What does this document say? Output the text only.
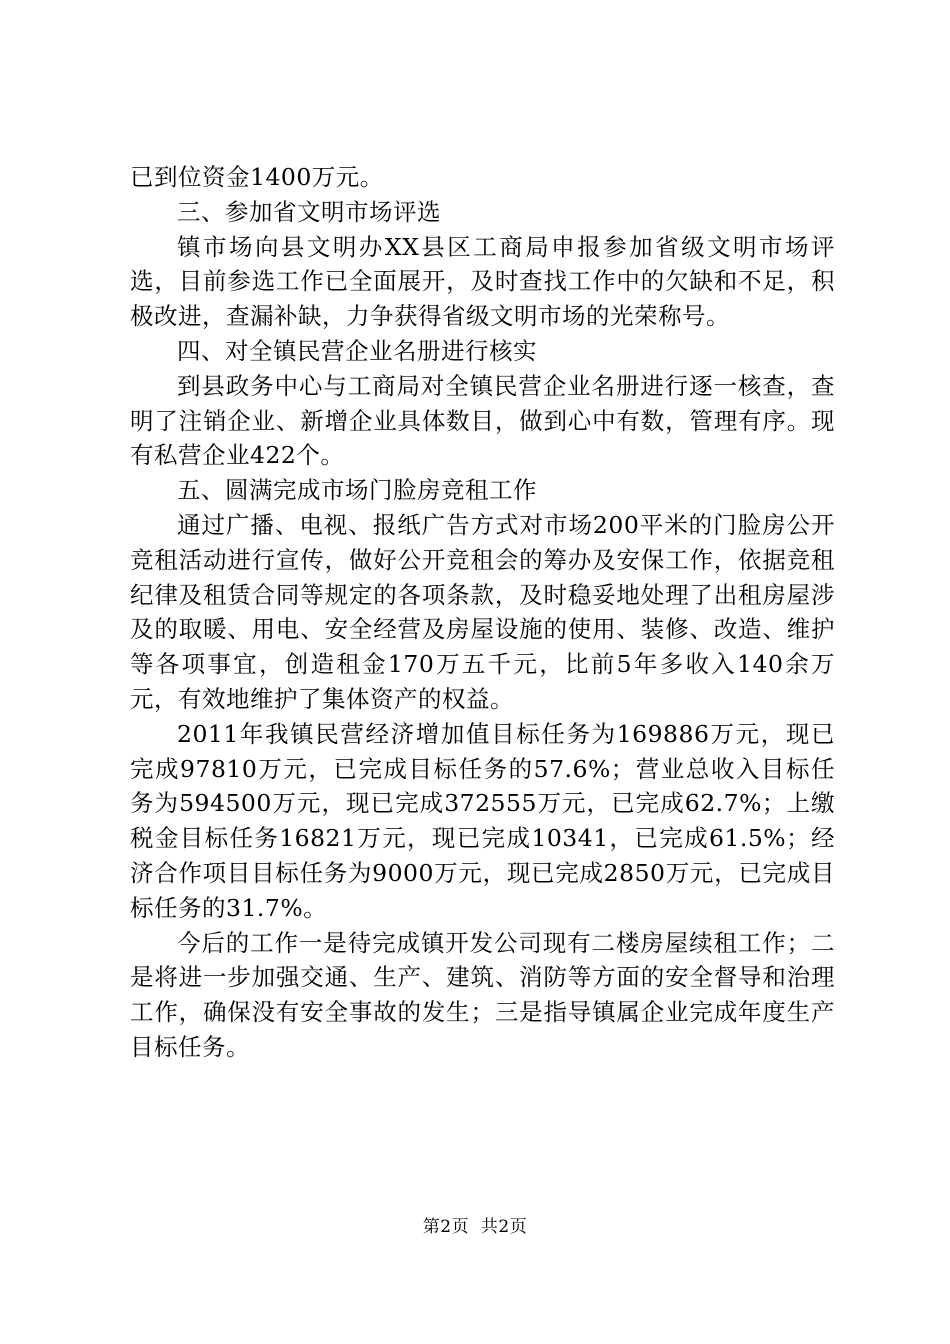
已到位资金1400万元。

三、参加省文明市场评选

镇市场向县文明办XX县区工商局申报参加省级文明市场评选，目前参选工作已全面展开，及时查找工作中的欠缺和不足，积极改进，查漏补缺，力争获得省级文明市场的光荣称号。

四、对全镇民营企业名册进行核实

到县政务中心与工商局对全镇民营企业名册进行逐一核查，查明了注销企业、新增企业具体数目，做到心中有数，管理有序。现有私营企业422个。

五、圆满完成市场门脸房竞租工作

通过广播、电视、报纸广告方式对市场200平米的门脸房公开竞租活动进行宣传，做好公开竞租会的筹办及安保工作，依据竞租纪律及租赁合同等规定的各项条款，及时稳妥地处理了出租房屋涉及的取暖、用电、安全经营及房屋设施的使用、装修、改造、维护等各项事宜，创造租金170万五千元，比前5年多收入140余万元，有效地维护了集体资产的权益。

2011年我镇民营经济增加值目标任务为169886万元，现已完成97810万元，已完成目标任务的57.6%；营业总收入目标任务为594500万元，现已完成372555万元，已完成62.7%；上缴税金目标任务16821万元，现已完成10341，已完成61.5%；经济合作项目目标任务为9000万元，现已完成2850万元，已完成目标任务的31.7%。

今后的工作一是待完成镇开发公司现有二楼房屋续租工作；二是将进一步加强交通、生产、建筑、消防等方面的安全督导和治理工作，确保没有安全事故的发生；三是指导镇属企业完成年度生产目标任务。

第2页  共2页
